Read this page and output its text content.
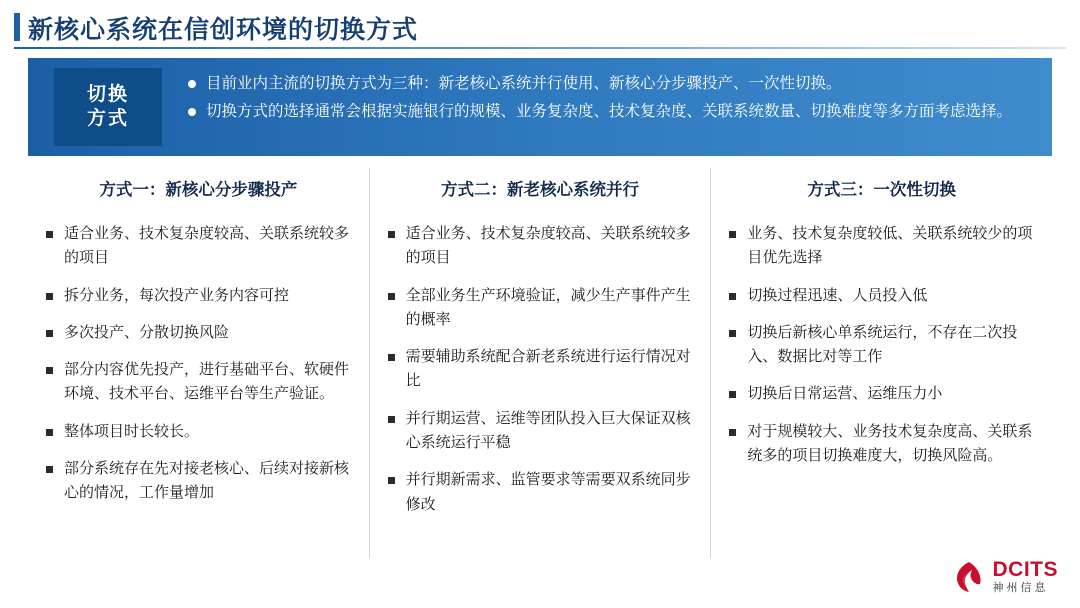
新核心系统在信创环境的切换方式
切换
方式
目前业内主流的切换方式为三种：新老核心系统并行使用、新核心分步骤投产、一次性切换。
切换方式的选择通常会根据实施银行的规模、业务复杂度、技术复杂度、关联系统数量、切换难度等多方面考虑选择。
方式一：新核心分步骤投产
适合业务、技术复杂度较高、关联系统较多的项目
拆分业务，每次投产业务内容可控
多次投产、分散切换风险
部分内容优先投产，进行基础平台、软硬件环境、技术平台、运维平台等生产验证。
整体项目时长较长。
部分系统存在先对接老核心、后续对接新核心的情况，工作量增加
方式二：新老核心系统并行
适合业务、技术复杂度较高、关联系统较多的项目
全部业务生产环境验证，减少生产事件产生的概率
需要辅助系统配合新老系统进行运行情况对比
并行期运营、运维等团队投入巨大保证双核心系统运行平稳
并行期新需求、监管要求等需要双系统同步修改
方式三：一次性切换
业务、技术复杂度较低、关联系统较少的项目优先选择
切换过程迅速、人员投入低
切换后新核心单系统运行，不存在二次投入、数据比对等工作
切换后日常运营、运维压力小
对于规模较大、业务技术复杂度高、关联系统多的项目切换难度大，切换风险高。
DCITS
神州信息
